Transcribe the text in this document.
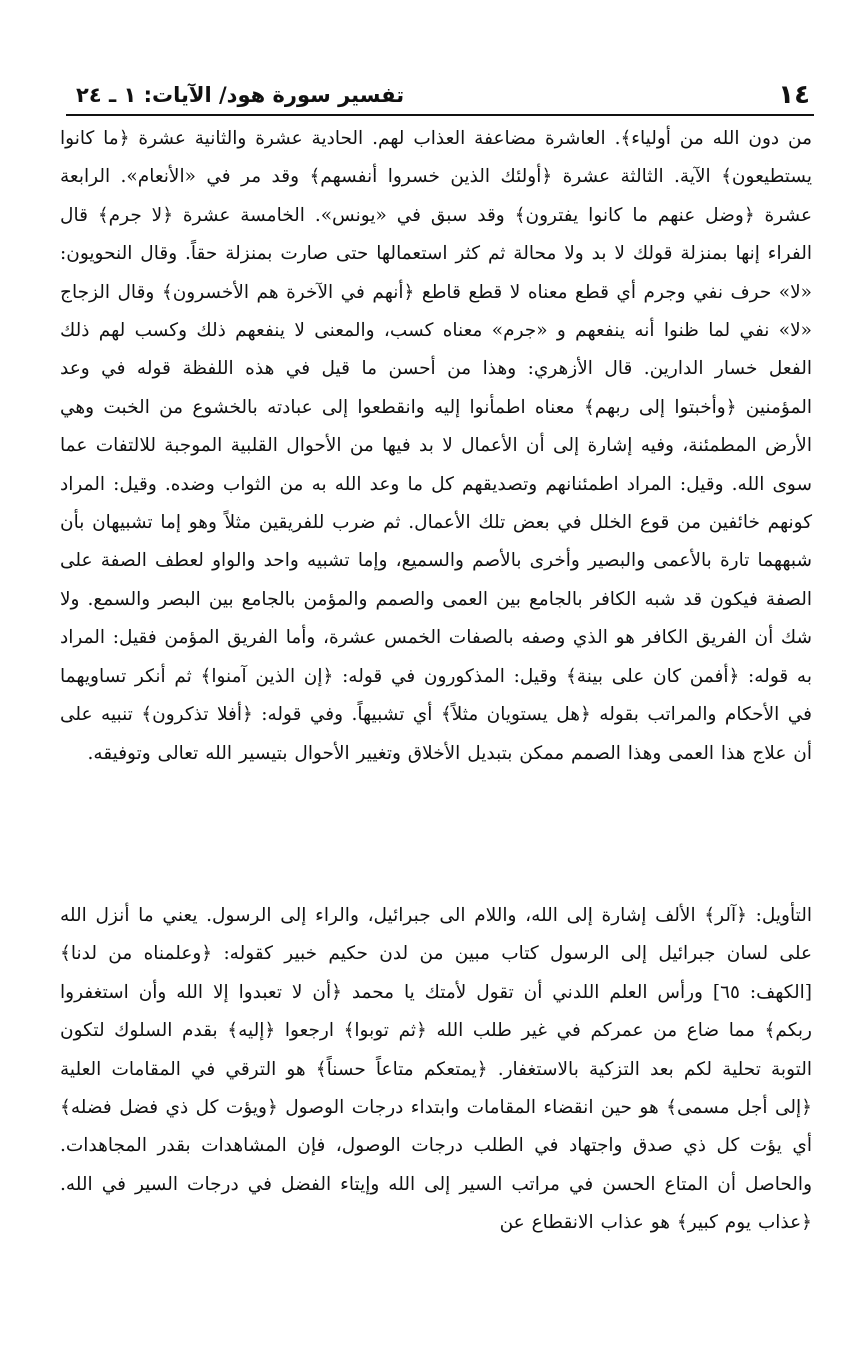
١٤
تفسير سورة هود/ الآيات: ١ ـ ٢٤

من دون الله من أولياء﴾. العاشرة مضاعفة العذاب لهم. الحادية عشرة والثانية عشرة ﴿ما كانوا يستطيعون﴾ الآية. الثالثة عشرة ﴿أولئك الذين خسروا أنفسهم﴾ وقد مر في «الأنعام». الرابعة عشرة ﴿وضل عنهم ما كانوا يفترون﴾ وقد سبق في «يونس». الخامسة عشرة ﴿لا جرم﴾ قال الفراء إنها بمنزلة قولك لا بد ولا محالة ثم كثر استعمالها حتى صارت بمنزلة حقاً. وقال النحويون: «لا» حرف نفي وجرم أي قطع معناه لا قطع قاطع ﴿أنهم في الآخرة هم الأخسرون﴾ وقال الزجاج «لا» نفي لما ظنوا أنه ينفعهم و «جرم» معناه كسب، والمعنى لا ينفعهم ذلك وكسب لهم ذلك الفعل خسار الدارين. قال الأزهري: وهذا من أحسن ما قيل في هذه اللفظة قوله في وعد المؤمنين ﴿وأخبتوا إلى ربهم﴾ معناه اطمأنوا إليه وانقطعوا إلى عبادته بالخشوع من الخبت وهي الأرض المطمئنة، وفيه إشارة إلى أن الأعمال لا بد فيها من الأحوال القلبية الموجبة للالتفات عما سوى الله. وقيل: المراد اطمئنانهم وتصديقهم كل ما وعد الله به من الثواب وضده. وقيل: المراد كونهم خائفين من قوع الخلل في بعض تلك الأعمال. ثم ضرب للفريقين مثلاً وهو إما تشبيهان بأن شبههما تارة بالأعمى والبصير وأخرى بالأصم والسميع، وإما تشبيه واحد والواو لعطف الصفة على الصفة فيكون قد شبه الكافر بالجامع بين العمى والصمم والمؤمن بالجامع بين البصر والسمع. ولا شك أن الفريق الكافر هو الذي وصفه بالصفات الخمس عشرة، وأما الفريق المؤمن فقيل: المراد به قوله: ﴿أفمن كان على بينة﴾ وقيل: المذكورون في قوله: ﴿إن الذين آمنوا﴾ ثم أنكر تساويهما في الأحكام والمراتب بقوله ﴿هل يستويان مثلاً﴾ أي تشبيهاً. وفي قوله: ﴿أفلا تذكرون﴾ تنبيه على أن علاج هذا العمى وهذا الصمم ممكن بتبديل الأخلاق وتغيير الأحوال بتيسير الله تعالى وتوفيقه.

التأويل: ﴿آلر﴾ الألف إشارة إلى الله، واللام الى جبرائيل، والراء إلى الرسول. يعني ما أنزل الله على لسان جبرائيل إلى الرسول كتاب مبين من لدن حكيم خبير كقوله: ﴿وعلمناه من لدنا﴾ [الكهف: ٦٥] ورأس العلم اللدني أن تقول لأمتك يا محمد ﴿أن لا تعبدوا إلا الله وأن استغفروا ربكم﴾ مما ضاع من عمركم في غير طلب الله ﴿ثم توبوا﴾ ارجعوا ﴿إليه﴾ بقدم السلوك لتكون التوبة تحلية لكم بعد التزكية بالاستغفار. ﴿يمتعكم متاعاً حسناً﴾ هو الترقي في المقامات العلية ﴿إلى أجل مسمى﴾ هو حين انقضاء المقامات وابتداء درجات الوصول ﴿ويؤت كل ذي فضل فضله﴾ أي يؤت كل ذي صدق واجتهاد في الطلب درجات الوصول، فإن المشاهدات بقدر المجاهدات. والحاصل أن المتاع الحسن في مراتب السير إلى الله وإيتاء الفضل في درجات السير في الله. ﴿عذاب يوم كبير﴾ هو عذاب الانقطاع عن
